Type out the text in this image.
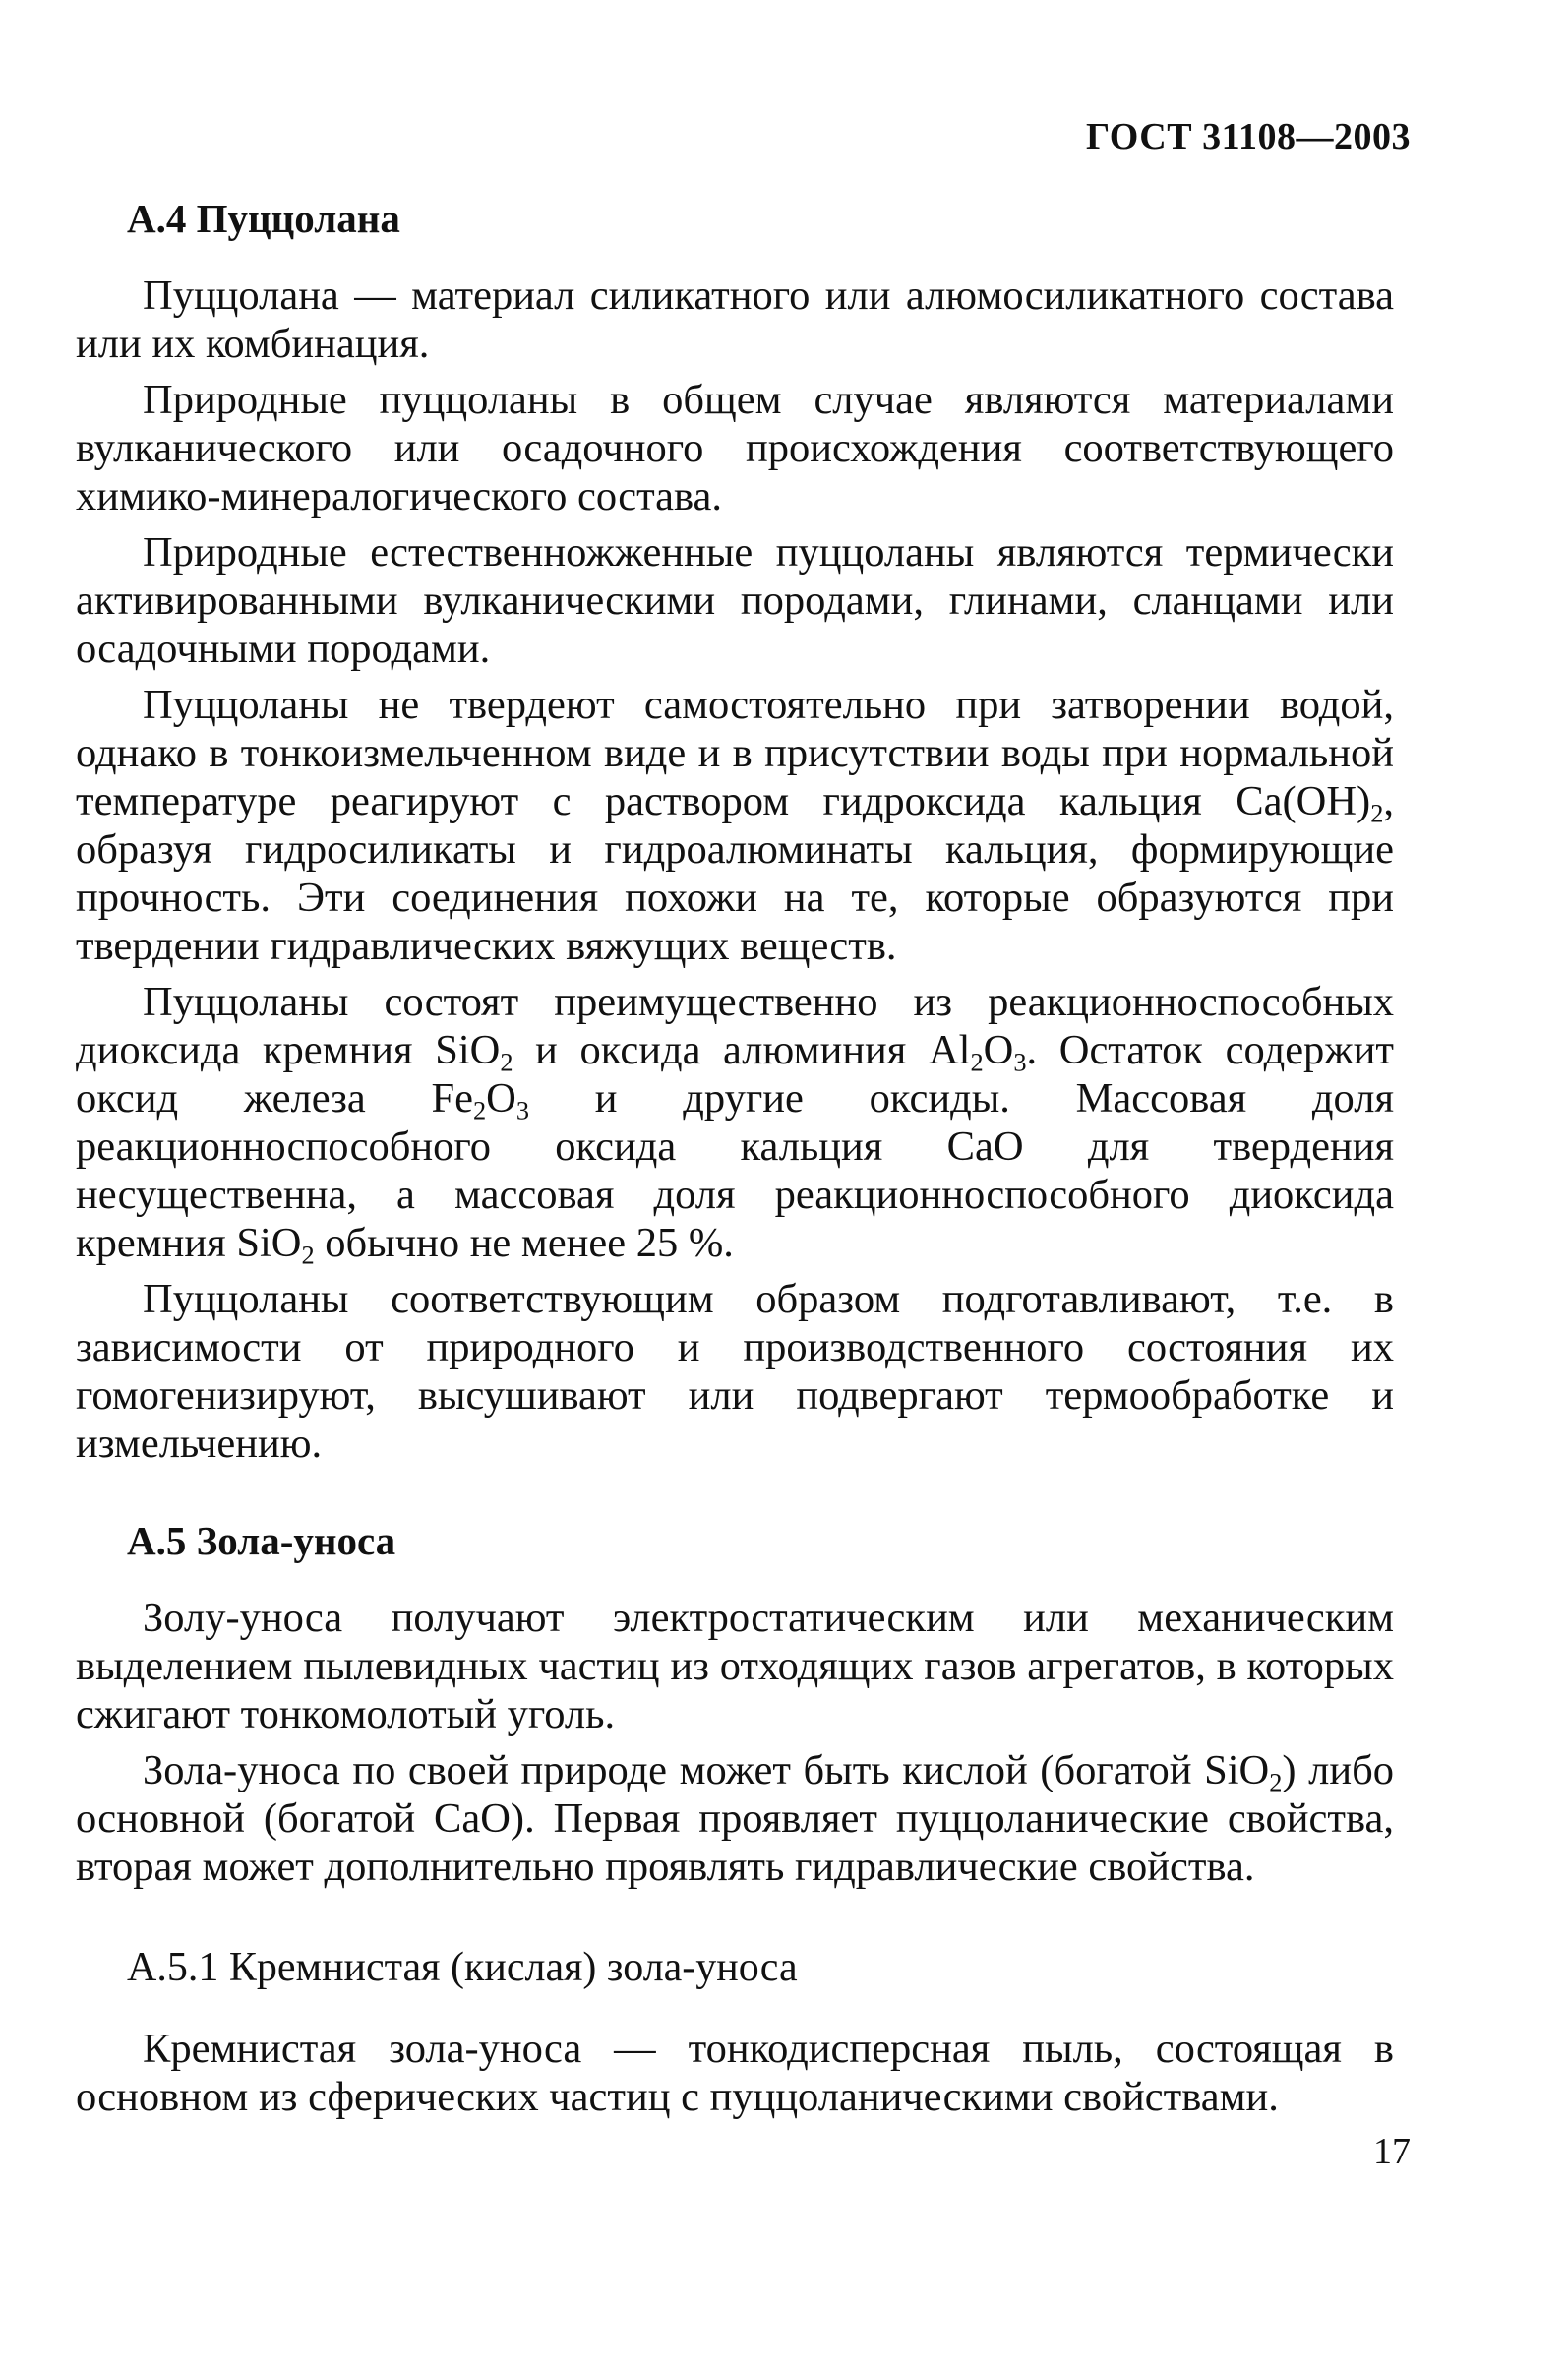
ГОСТ 31108—2003
А.4 Пуццолана

Пуццолана — материал силикатного или алюмосиликатного состава или их комбинация.

Природные пуццоланы в общем случае являются материалами вулканического или осадочного происхождения соответствующего химико-минералогического состава.

Природные естественножженные пуццоланы являются термически активированными вулканическими породами, глинами, сланцами или осадочными породами.

Пуццоланы не твердеют самостоятельно при затворении водой, однако в тонкоизмельченном виде и в присутствии воды при нормальной температуре реагируют с раствором гидроксида кальция $Са(ОН)_2$, образуя гидросиликаты и гидроалюминаты кальция, формирующие прочность. Эти соединения похожи на те, которые образуются при твердении гидравлических вяжущих веществ.

Пуццоланы состоят преимущественно из реакционноспособных диоксида кремния SiO$_2$ и оксида алюминия $Al_2O_3$. Остаток содержит оксид железа $Fe_2O_3$ и другие оксиды. Массовая доля реакционноспособного оксида кальция СаО для твердения несущественна, а массовая доля реакционноспособного диоксида кремния SiO$_2$ обычно не менее 25 %.

Пуццоланы соответствующим образом подготавливают, т.е. в зависимости от природного и производственного состояния их гомогенизируют, высушивают или подвергают термообработке и измельчению.

А.5 Зола-уноса

Золу-уноса получают электростатическим или механическим выделением пылевидных частиц из отходящих газов агрегатов, в которых сжигают тонкомолотый уголь.

Зола-уноса по своей природе может быть кислой (богатой SiO$_2$) либо основной (богатой СаО). Первая проявляет пуццоланические свойства, вторая может дополнительно проявлять гидравлические свойства.

А.5.1 Кремнистая (кислая) зола-уноса

Кремнистая зола-уноса — тонкодисперсная пыль, состоящая в основном из сферических частиц с пуццоланическими свойствами.

17
